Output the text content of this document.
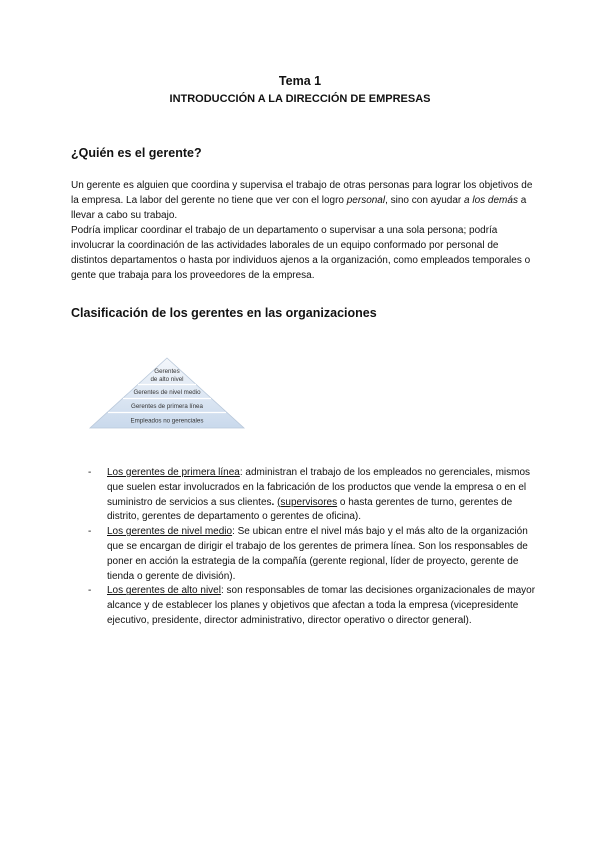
Tema 1
INTRODUCCIÓN A LA DIRECCIÓN DE EMPRESAS
¿Quién es el gerente?
Un gerente es alguien que coordina y supervisa el trabajo de otras personas para lograr los objetivos de la empresa. La labor del gerente no tiene que ver con el logro personal, sino con ayudar a los demás a llevar a cabo su trabajo.
Podría implicar coordinar el trabajo de un departamento o supervisar a una sola persona; podría involucrar la coordinación de las actividades laborales de un equipo conformado por personal de distintos departamentos o hasta por individuos ajenos a la organización, como empleados temporales o gente que trabaja para los proveedores de la empresa.
Clasificación de los gerentes en las organizaciones
Gerentes
de alto nivel
Gerentes de nivel medio
Gerentes de primera línea
Empleados no gerenciales
-	Los gerentes de primera línea: administran el trabajo de los empleados no gerenciales, mismos que suelen estar involucrados en la fabricación de los productos que vende la empresa o en el suministro de servicios a sus clientes. (supervisores o hasta gerentes de turno, gerentes de distrito, gerentes de departamento o gerentes de oficina).
-	Los gerentes de nivel medio: Se ubican entre el nivel más bajo y el más alto de la organización que se encargan de dirigir el trabajo de los gerentes de primera línea. Son los responsables de poner en acción la estrategia de la compañía (gerente regional, líder de proyecto, gerente de tienda o gerente de división).
-	Los gerentes de alto nivel: son responsables de tomar las decisiones organizacionales de mayor alcance y de establecer los planes y objetivos que afectan a toda la empresa (vicepresidente ejecutivo, presidente, director administrativo, director operativo o director general).
